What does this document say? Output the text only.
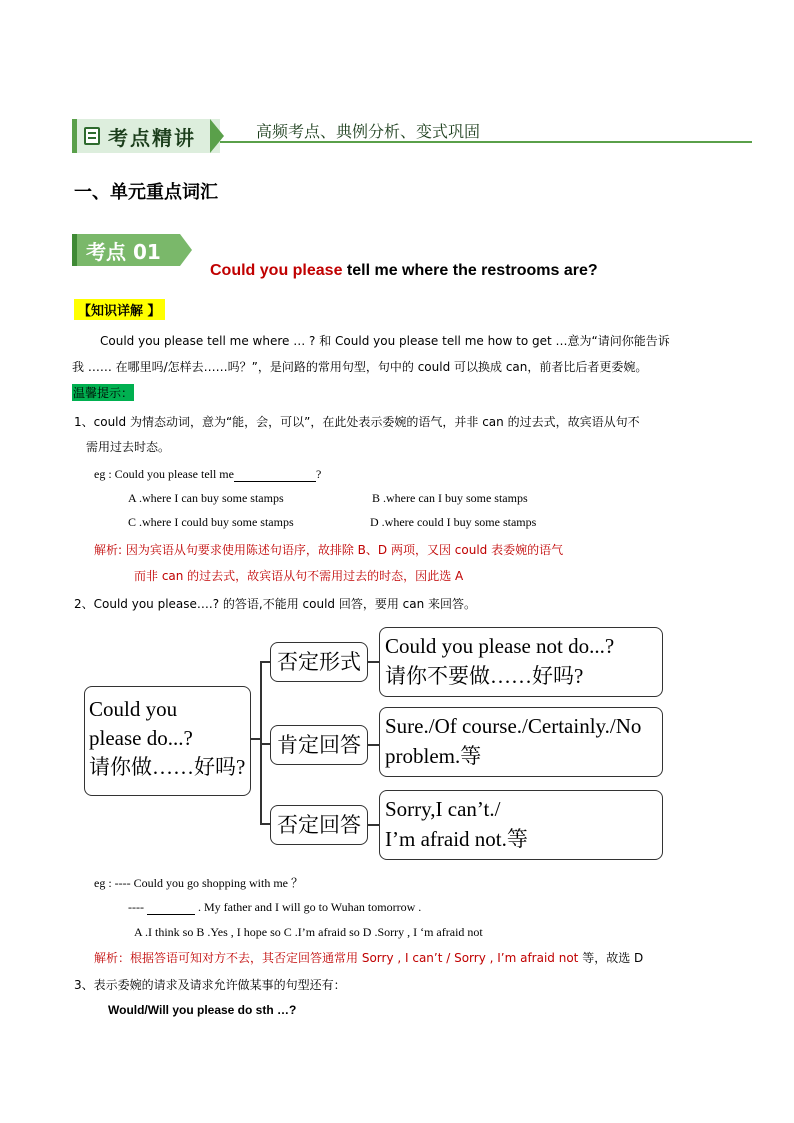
考点精讲	高频考点、典例分析、变式巩固
一、单元重点词汇
考点 01
Could you please tell me where the restrooms are?
【知识详解 】
Could you please tell me where … ? 和 Could you please tell me how to get …意为“请问你能告诉
我 …… 在哪里吗/怎样去……吗？”，是问路的常用句型，句中的 could 可以换成 can，前者比后者更委婉。
温馨提示：
1、could 为情态动词，意为“能，会，可以”，在此处表示委婉的语气，并非 can 的过去式，故宾语从句不
需用过去时态。
eg : Could you please tell me	?
A .where I can buy some stamps	B .where can I buy some stamps
C .where I could buy some stamps	D .where could I buy some stamps
解析: 因为宾语从句要求使用陈述句语序，故排除 B、D 两项，又因 could 表委婉的语气
而非 can 的过去式，故宾语从句不需用过去的时态，因此选 A
2、Could you please….? 的答语,不能用 could 回答，要用 can 来回答。
Could you
please do...?
请你做……好吗?
否定形式
肯定回答
否定回答
Could you please not do...?
请你不要做……好吗?
Sure./Of course./Certainly./No
problem.等
Sorry,I can’t./
I’m afraid not.等
eg : ---- Could you go shopping with me ？
----	. My father and I will go to Wuhan tomorrow .
A .I think so B .Yes , I hope so C .I’m afraid so D .Sorry , I ‘m afraid not
解析：根据答语可知对方不去，其否定回答通常用 Sorry , I can’t / Sorry , I’m afraid not 等，故选 D
3、表示委婉的请求及请求允许做某事的句型还有：
Would/Will you please do sth …?
